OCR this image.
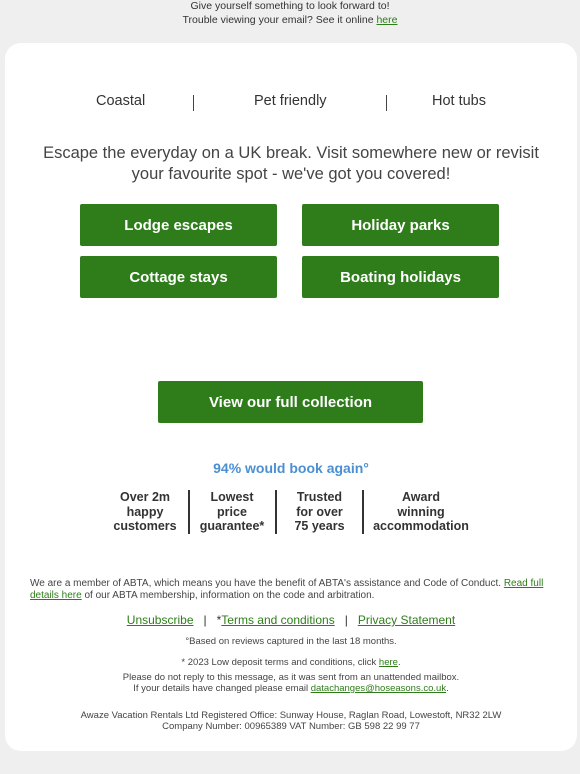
Give yourself something to look forward to!
Trouble viewing your email? See it online here
Coastal	Pet friendly	Hot tubs
Escape the everyday on a UK break. Visit somewhere new or revisit your favourite spot - we've got you covered!
Lodge escapes	Holiday parks
Cottage stays	Boating holidays
View our full collection
94% would book again°
Over 2m
happy
customers
Lowest
price
guarantee*
Trusted
for over
75 years
Award
winning
accommodation
We are a member of ABTA, which means you have the benefit of ABTA's assistance and Code of Conduct. Read full details here of our ABTA membership, information on the code and arbitration.
Unsubscribe | *Terms and conditions | Privacy Statement
°Based on reviews captured in the last 18 months.
* 2023 Low deposit terms and conditions, click here.
Please do not reply to this message, as it was sent from an unattended mailbox.
If your details have changed please email datachanges@hoseasons.co.uk.
Awaze Vacation Rentals Ltd Registered Office: Sunway House, Raglan Road, Lowestoft, NR32 2LW
Company Number: 00965389 VAT Number: GB 598 22 99 77
